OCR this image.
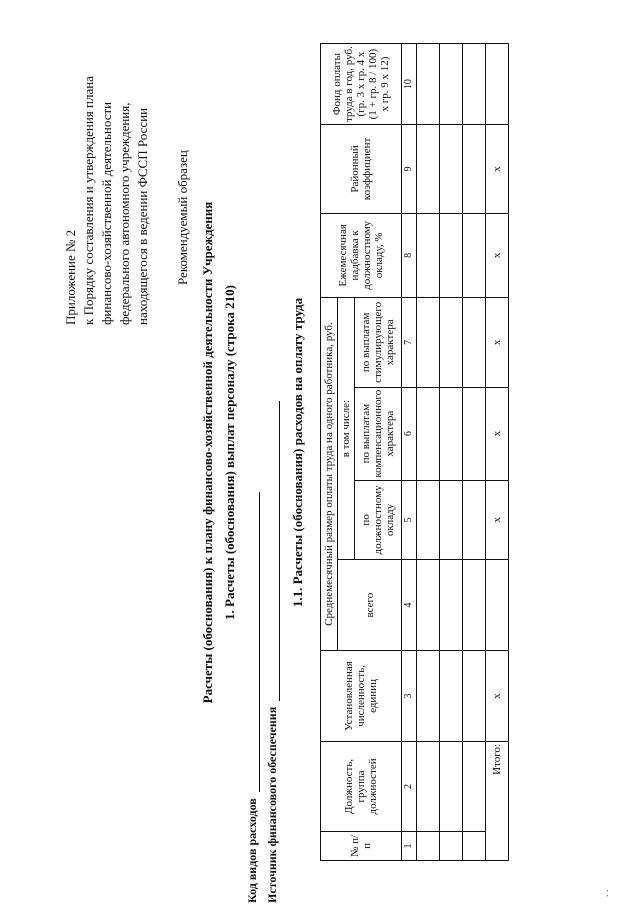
Приложение № 2 к Порядку составления и утверждения плана финансово-хозяйственной деятельности федерального автономного учреждения, находящегося в ведении ФССП России Рекомендуемый образец Расчеты (обоснования) к плану финансово-хозяйственной деятельности Учреждения 1. Расчеты (обоснования) выплат персоналу (строка 210)
Код видов расходов Источник финансового обеспечения
1.1. Расчеты (обоснования) расходов на оплату труда
№ п/п	Должность, группа должностей	Установленная численность, единиц	Среднемесячный размер оплаты труда на одного работника, руб.				Ежемесячная надбавка к должностному окладу, %	Районный коэффициент	Фонд оплаты труда в год, руб. (гр. 3 х гр. 4 х (1 + гр. 8 / 100) х гр. 9 х 12)
			всего	в том числе:					
				по должностному окладу	по выплатам компенсационного характера	по выплатам стимулирующего характера			
1	2	3	4	5	6	7	8	9	10

Итого:		x		x	x	x	x	x	
. .
